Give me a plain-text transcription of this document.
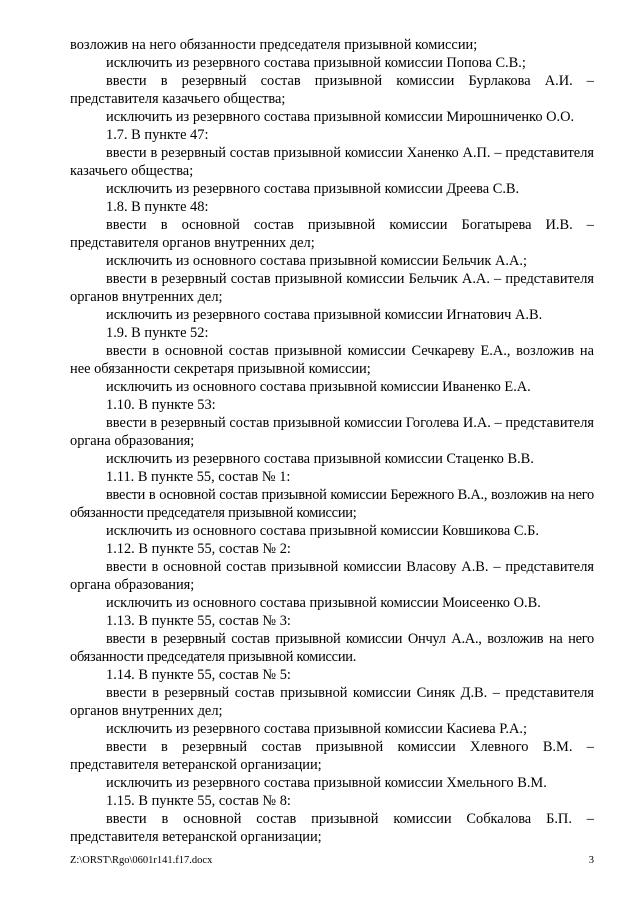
возложив на него обязанности председателя призывной комиссии;

исключить из резервного состава призывной комиссии Попова С.В.;

ввести в резервный состав призывной комиссии Бурлакова А.И. – представителя казачьего общества;

исключить из резервного состава призывной комиссии Мирошниченко О.О.

1.7. В пункте 47:

ввести в резервный состав призывной комиссии Ханенко А.П. – представителя казачьего общества;

исключить из резервного состава призывной комиссии Дреева С.В.

1.8. В пункте 48:

ввести в основной состав призывной комиссии Богатырева И.В. – представителя органов внутренних дел;

исключить из основного состава призывной комиссии Бельчик А.А.;

ввести в резервный состав призывной комиссии Бельчик А.А. – представителя органов внутренних дел;

исключить из резервного состава призывной комиссии Игнатович А.В.

1.9. В пункте 52:

ввести в основной состав призывной комиссии Сечкареву Е.А., возложив на нее обязанности секретаря призывной комиссии;

исключить из основного состава призывной комиссии Иваненко Е.А.

1.10. В пункте 53:

ввести в резервный состав призывной комиссии Гоголева И.А. – представителя органа образования;

исключить из резервного состава призывной комиссии Стаценко В.В.

1.11. В пункте 55, состав № 1:

ввести в основной состав призывной комиссии Бережного В.А., возложив на него обязанности председателя призывной комиссии;

исключить из основного состава призывной комиссии Ковшикова С.Б.

1.12. В пункте 55, состав № 2:

ввести в основной состав призывной комиссии Власову А.В. – представителя органа образования;

исключить из основного состава призывной комиссии Моисеенко О.В.

1.13. В пункте 55, состав № 3:

ввести в резервный состав призывной комиссии Ончул А.А., возложив на него обязанности председателя призывной комиссии.

1.14. В пункте 55, состав № 5:

ввести в резервный состав призывной комиссии Синяк Д.В. – представителя органов внутренних дел;

исключить из резервного состава призывной комиссии Касиева Р.А.;

ввести в резервный состав призывной комиссии Хлевного В.М. – представителя ветеранской организации;

исключить из резервного состава призывной комиссии Хмельного В.М.

1.15. В пункте 55, состав № 8:

ввести в основной состав призывной комиссии Собкалова Б.П. – представителя ветеранской организации;

Z:\ORST\Rgo\0601r141.f17.docx	3
